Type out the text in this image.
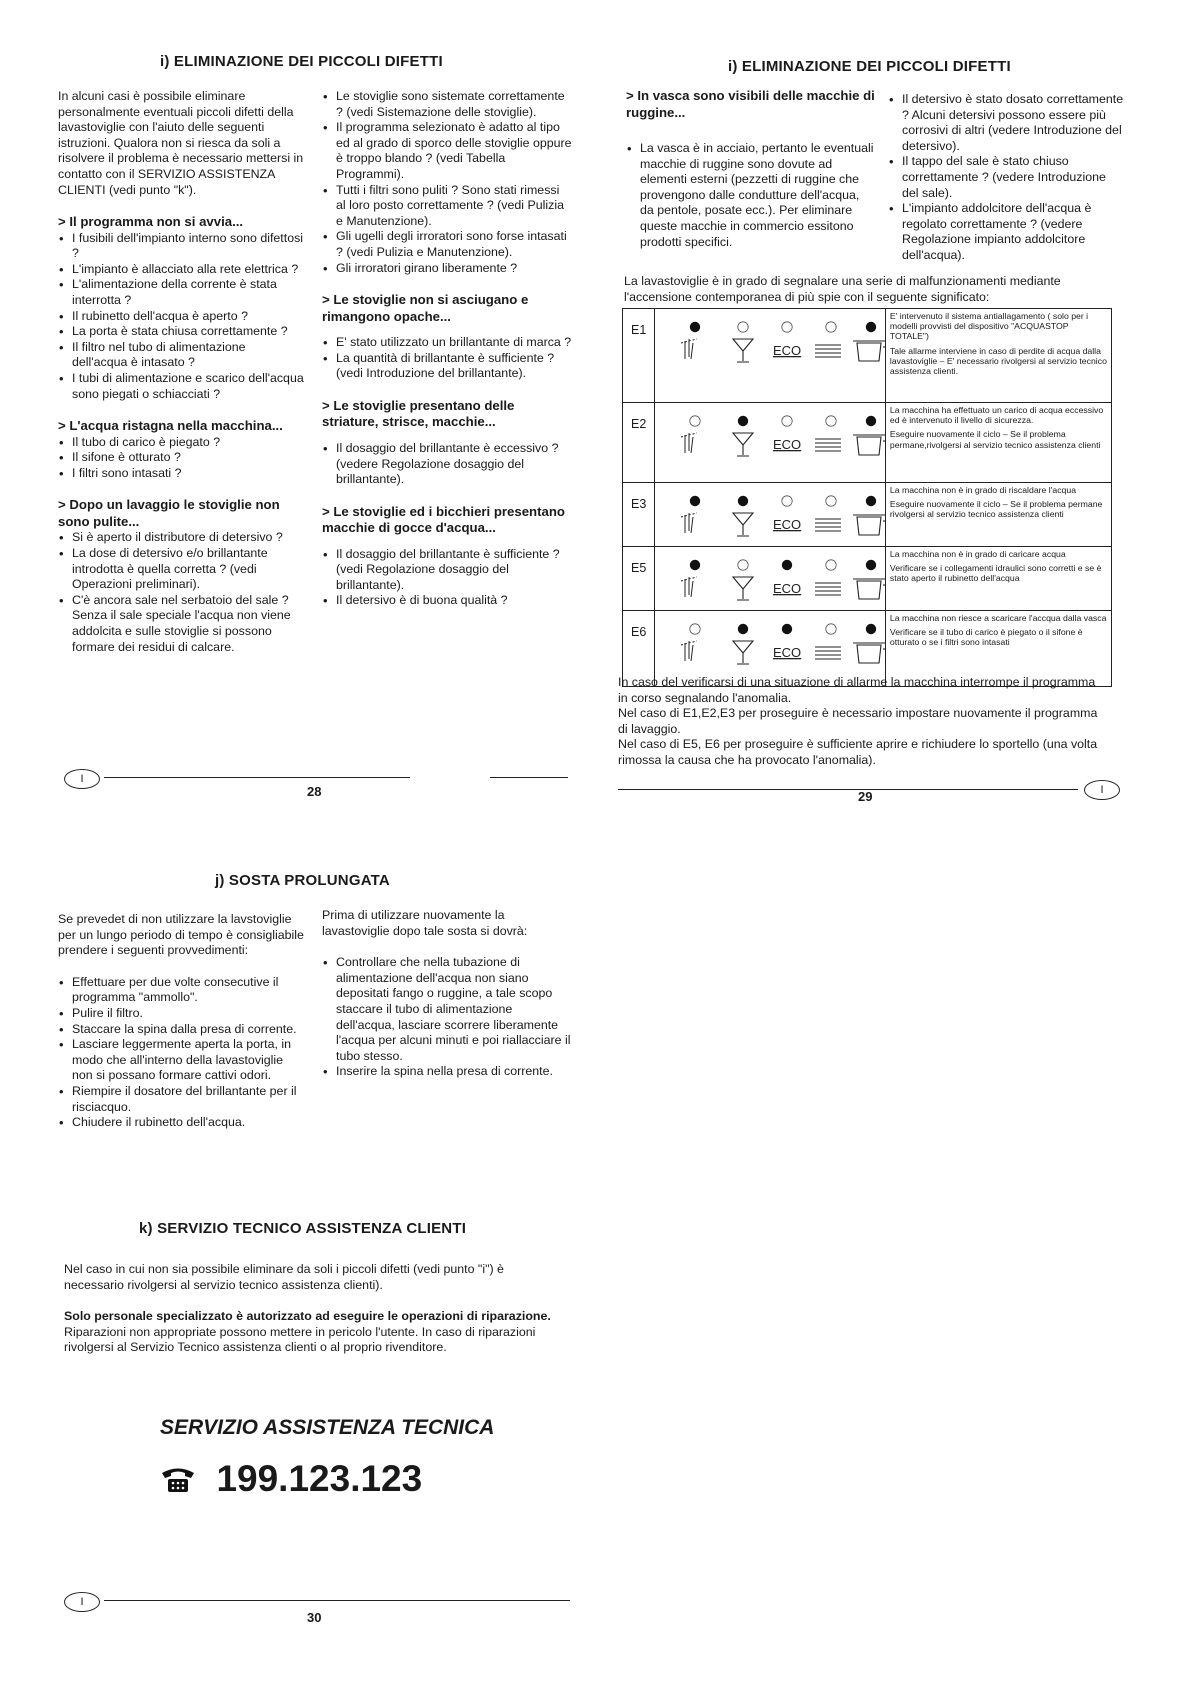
i) ELIMINAZIONE DEI PICCOLI DIFETTI

In alcuni casi è possibile eliminare personalmente eventuali piccoli difetti della lavastoviglie con l'aiuto delle seguenti istruzioni. Qualora non si riesca da soli a risolvere il problema è necessario mettersi in contatto con il SERVIZIO ASSISTENZA CLIENTI (vedi punto "k").

> Il programma non si avvia...

• I fusibili dell'impianto interno sono difettosi ?
• L'impianto è allacciato alla rete elettrica ?
• L'alimentazione della corrente è stata interrotta ?
• Il rubinetto dell'acqua è aperto ?
• La porta è stata chiusa correttamente ?
• Il filtro nel tubo di alimentazione dell'acqua è intasato ?
• I tubi di alimentazione e scarico dell'acqua sono piegati o schiacciati ?

> L'acqua ristagna nella macchina...

• Il tubo di carico è piegato ?
• Il sifone è otturato ?
• I filtri sono intasati ?

> Dopo un lavaggio le stoviglie non sono pulite...

• Si è aperto il distributore di detersivo ?
• La dose di detersivo e/o brillantante introdotta è quella corretta ? (vedi Operazioni preliminari).
• C'è ancora sale nel serbatoio del sale ? Senza il sale speciale l'acqua non viene addolcita e sulle stoviglie si possono formare dei residui di calcare.
• Le stoviglie sono sistemate correttamente ? (vedi Sistemazione delle stoviglie).
• Il programma selezionato è adatto al tipo ed al grado di sporco delle stoviglie oppure è troppo blando ? (vedi Tabella Programmi).
• Tutti i filtri sono puliti ? Sono stati rimessi al loro posto correttamente ? (vedi Pulizia e Manutenzione).
• Gli ugelli degli irroratori sono forse intasati ? (vedi Pulizia e Manutenzione).
• Gli irroratori girano liberamente ?

> Le stoviglie non si asciugano e rimangono opache...

• E' stato utilizzato un brillantante di marca ?
• La quantità di brillantante è sufficiente ? (vedi Introduzione del brillantante).

> Le stoviglie presentano delle striature, strisce, macchie...

• Il dosaggio del brillantante è eccessivo ? (vedere Regolazione dosaggio del brillantante).

> Le stoviglie ed i bicchieri presentano macchie di gocce d'acqua...

• Il dosaggio del brillantante è sufficiente ? (vedi Regolazione dosaggio del brillantante).
• Il detersivo è di buona qualità ?
I
28
i) ELIMINAZIONE DEI PICCOLI DIFETTI

> In vasca sono visibili delle macchie di ruggine...

• La vasca è in acciaio, pertanto le eventuali macchie di ruggine sono dovute ad elementi esterni (pezzetti di ruggine che provengono dalle condutture dell'acqua, da pentole, posate ecc.). Per eliminare queste macchie in commercio essitono prodotti specifici.
• Il detersivo è stato dosato correttamente ? Alcuni detersivi possono essere più corrosivi di altri (vedere Introduzione del detersivo).
• Il tappo del sale è stato chiuso correttamente ? (vedere Introduzione del sale).
• L'impianto addolcitore dell'acqua è regolato correttamente ? (vedere Regolazione impianto addolcitore dell'acqua).

La lavastoviglie è in grado di segnalare una serie di malfunzionamenti mediante l'accensione contemporanea di più spie con il seguente significato:

E1	ECO	E' intervenuto il sistema antiallagamento ( solo per i modelli provvisti del dispositivo "ACQUASTOP TOTALE")

Tale allarme interviene in caso di perdite di acqua dalla lavastoviglie – E' necessario rivolgersi al servizio tecnico assistenza clienti.

E2	ECO	La macchina ha effettuato un carico di acqua eccessivo ed è intervenuto il livello di sicurezza.

Eseguire nuovamente il ciclo – Se il problema permane,rivolgersi al servizio tecnico assistenza clienti

E3	ECO	La macchina non è in grado di riscaldare l'acqua

Eseguire nuovamente il ciclo – Se il problema permane rivolgersi al servizio tecnico assistenza clienti

E5	ECO	La macchina non è in grado di caricare acqua

Verificare se i collegamenti idraulici sono corretti e se è stato aperto il rubinetto dell'acqua

E6	ECO	La macchina non riesce a scaricare l'accqua dalla vasca

Verificare se il tubo di carico è piegato o il sifone è otturato o se i filtri sono intasati

In caso del verificarsi di una situazione di allarme la macchina interrompe il programma in corso segnalando l'anomalia.

Nel caso di E1,E2,E3 per proseguire è necessario impostare nuovamente il programma di lavaggio.

Nel caso di E5, E6 per proseguire è sufficiente aprire e richiudere lo sportello (una volta rimossa la causa che ha provocato l'anomalia).

I
29
j) SOSTA PROLUNGATA

Se prevedet di non utilizzare la lavstoviglie per un lungo periodo di tempo è consigliabile prendere i seguenti provvedimenti:

• Effettuare per due volte consecutive il programma "ammollo".
• Pulire il filtro.
• Staccare la spina dalla presa di corrente.
• Lasciare leggermente aperta la porta, in modo che all'interno della lavastoviglie non si possano formare cattivi odori.
• Riempire il dosatore del brillantante per il risciacquo.
• Chiudere il rubinetto dell'acqua.

Prima di utilizzare nuovamente la lavastoviglie dopo tale sosta si dovrà:

• Controllare che nella tubazione di alimentazione dell'acqua non siano depositati fango o ruggine, a tale scopo staccare il tubo di alimentazione dell'acqua, lasciare scorrere liberamente l'acqua per alcuni minuti e poi riallacciare il tubo stesso.
• Inserire la spina nella presa di corrente.
k) SERVIZIO TECNICO ASSISTENZA CLIENTI

Nel caso in cui non sia possibile eliminare da soli i piccoli difetti (vedi punto "i") è necessario rivolgersi al servizio tecnico assistenza clienti).

Solo personale specializzato è autorizzato ad eseguire le operazioni di riparazione.

Riparazioni non appropriate possono mettere in pericolo l'utente. In caso di riparazioni rivolgersi al Servizio Tecnico assistenza clienti o al proprio rivenditore.

SERVIZIO ASSISTENZA TECNICA
199.123.123
I
30
